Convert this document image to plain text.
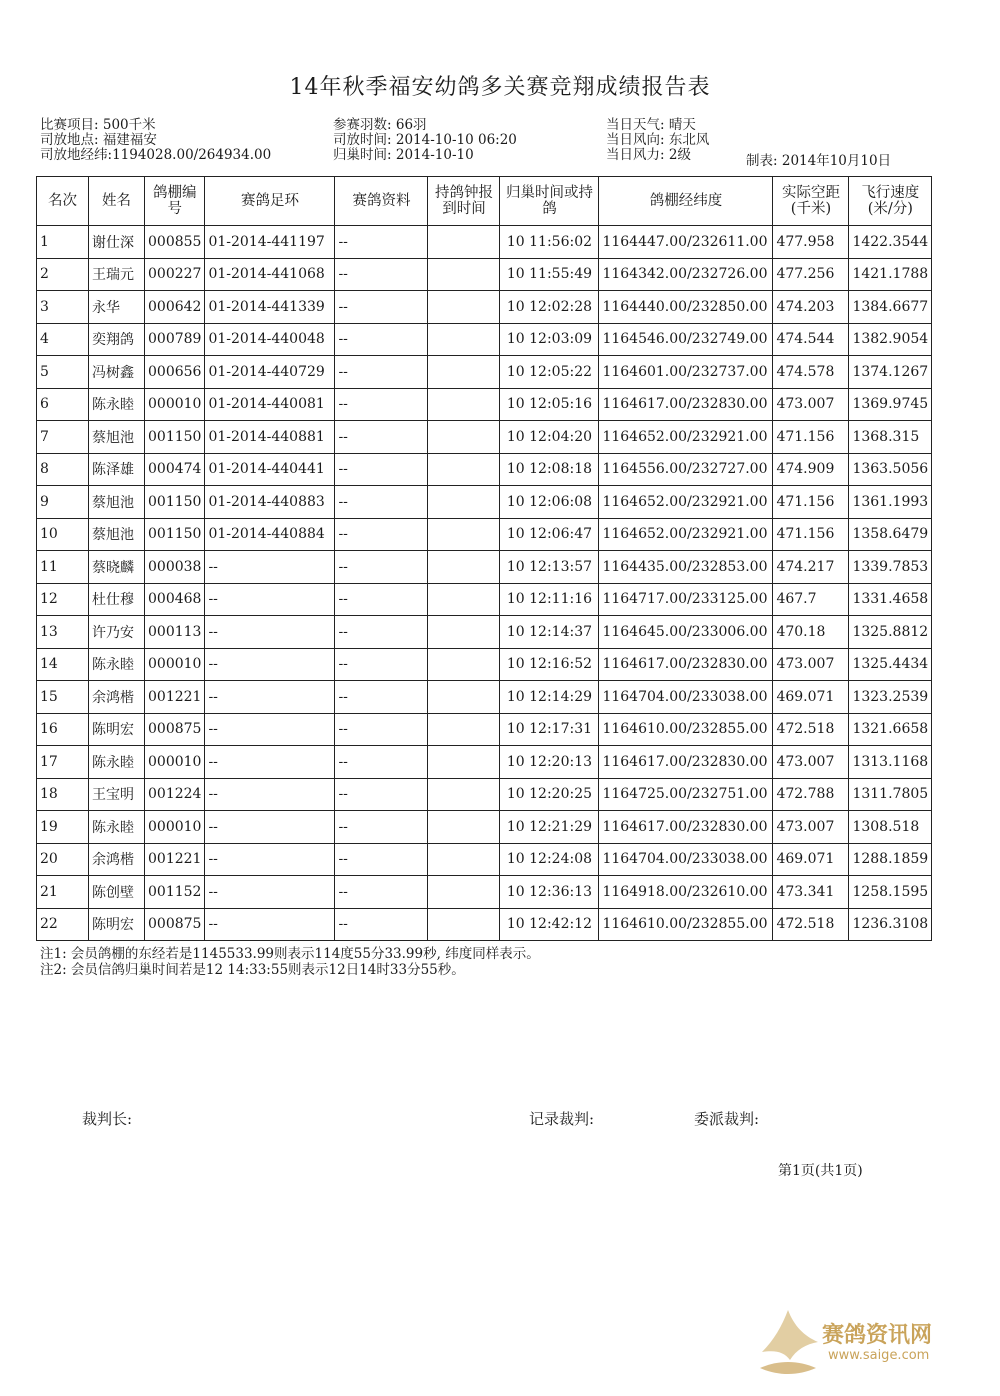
14年秋季福安幼鸽多关赛竞翔成绩报告表
比赛项目: 500千米
司放地点: 福建福安
司放地经纬:1194028.00/264934.00
参赛羽数: 66羽
司放时间: 2014-10-10 06:20
归巢时间: 2014-10-10
当日天气: 晴天
当日风向: 东北风
当日风力: 2级	制表: 2014年10月10日
名次	姓名	鸽棚编号	赛鸽足环	赛鸽资料	持鸽钟报到时间	归巢时间或持鸽	鸽棚经纬度	实际空距(千米)	飞行速度(米/分)
1	谢仕深	000855	01-2014-441197	--		10 11:56:02	1164447.00/232611.00	477.958	1422.3544
2	王瑞元	000227	01-2014-441068	--		10 11:55:49	1164342.00/232726.00	477.256	1421.1788
3	永华	000642	01-2014-441339	--		10 12:02:28	1164440.00/232850.00	474.203	1384.6677
4	奕翔鸽	000789	01-2014-440048	--		10 12:03:09	1164546.00/232749.00	474.544	1382.9054
5	冯树鑫	000656	01-2014-440729	--		10 12:05:22	1164601.00/232737.00	474.578	1374.1267
6	陈永睦	000010	01-2014-440081	--		10 12:05:16	1164617.00/232830.00	473.007	1369.9745
7	蔡旭池	001150	01-2014-440881	--		10 12:04:20	1164652.00/232921.00	471.156	1368.315
8	陈泽雄	000474	01-2014-440441	--		10 12:08:18	1164556.00/232727.00	474.909	1363.5056
9	蔡旭池	001150	01-2014-440883	--		10 12:06:08	1164652.00/232921.00	471.156	1361.1993
10	蔡旭池	001150	01-2014-440884	--		10 12:06:47	1164652.00/232921.00	471.156	1358.6479
11	蔡晓麟	000038	--	--		10 12:13:57	1164435.00/232853.00	474.217	1339.7853
12	杜仕穆	000468	--	--		10 12:11:16	1164717.00/233125.00	467.7	1331.4658
13	许乃安	000113	--	--		10 12:14:37	1164645.00/233006.00	470.18	1325.8812
14	陈永睦	000010	--	--		10 12:16:52	1164617.00/232830.00	473.007	1325.4434
15	余鸿楷	001221	--	--		10 12:14:29	1164704.00/233038.00	469.071	1323.2539
16	陈明宏	000875	--	--		10 12:17:31	1164610.00/232855.00	472.518	1321.6658
17	陈永睦	000010	--	--		10 12:20:13	1164617.00/232830.00	473.007	1313.1168
18	王宝明	001224	--	--		10 12:20:25	1164725.00/232751.00	472.788	1311.7805
19	陈永睦	000010	--	--		10 12:21:29	1164617.00/232830.00	473.007	1308.518
20	余鸿楷	001221	--	--		10 12:24:08	1164704.00/233038.00	469.071	1288.1859
21	陈创壁	001152	--	--		10 12:36:13	1164918.00/232610.00	473.341	1258.1595
22	陈明宏	000875	--	--		10 12:42:12	1164610.00/232855.00	472.518	1236.3108
注1: 会员鸽棚的东经若是1145533.99则表示114度55分33.99秒, 纬度同样表示。
注2: 会员信鸽归巢时间若是12 14:33:55则表示12日14时33分55秒。
裁判长:	记录裁判:	委派裁判:
第1页(共1页)
赛鸽资讯网
www.saige.com
